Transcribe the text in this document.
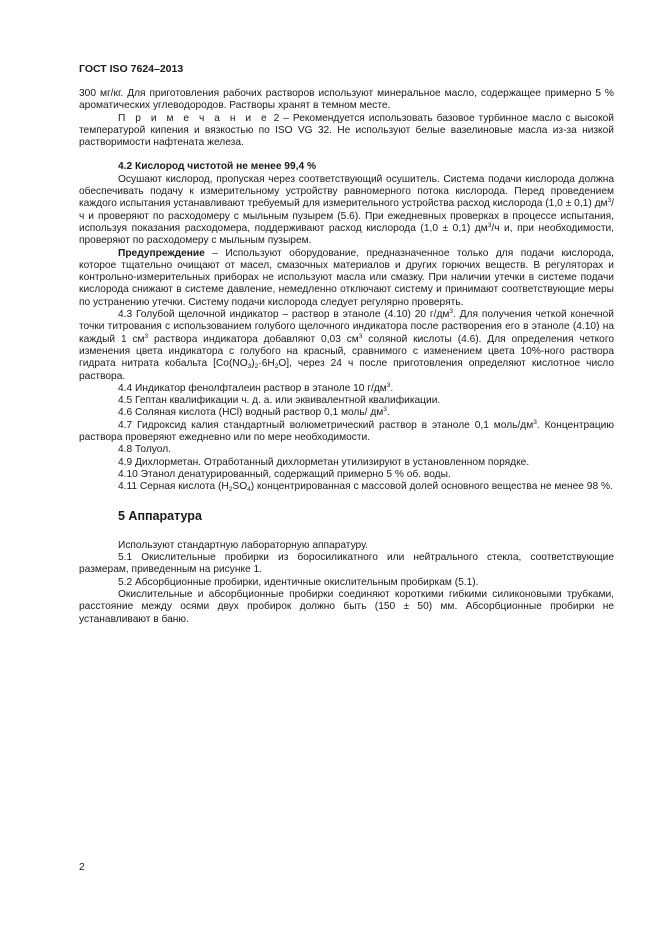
ГОСТ ISO 7624–2013

300 мг/кг. Для приготовления рабочих растворов используют минеральное масло, содержащее примерно 5 % ароматических углеводородов. Растворы хранят в темном месте.

П р и м е ч а н и е 2 – Рекомендуется использовать базовое турбинное масло с высокой температурой кипения и вязкостью по ISO VG 32. Не используют белые вазелиновые масла из-за низкой растворимости нафтената железа.

4.2 Кислород чистотой не менее 99,4 %

Осушают кислород, пропуская через соответствующий осушитель. Система подачи кислорода должна обеспечивать подачу к измерительному устройству равномерного потока кислорода. Перед проведением каждого испытания устанавливают требуемый для измерительного устройства расход кислорода (1,0 ± 0,1) $дм^3/ч$ и проверяют по расходомеру с мыльным пузырем (5.6). При ежедневных проверках в процессе испытания, используя показания расходомера, поддерживают расход кислорода (1,0 ± 0,1) $дм^3/ч$ и, при необходимости, проверяют по расходомеру с мыльным пузырем.

Предупреждение – Используют оборудование, предназначенное только для подачи кислорода, которое тщательно очищают от масел, смазочных материалов и других горючих веществ. В регуляторах и контрольно-измерительных приборах не используют масла или смазку. При наличии утечки в системе подачи кислорода снижают в системе давление, немедленно отключают систему и принимают соответствующие меры по устранению утечки. Систему подачи кислорода следует регулярно проверять.

4.3 Голубой щелочной индикатор – раствор в этаноле (4.10) 20 $г/дм^3$. Для получения четкой конечной точки титрования с использованием голубого щелочного индикатора после растворения его в этаноле (4.10) на каждый 1 $см^3$ раствора индикатора добавляют 0,03 $см^3$ соляной кислоты (4.6). Для определения четкого изменения цвета индикатора с голубого на красный, сравнимого с изменением цвета 10%-ного раствора гидрата нитрата кобальта $[Co(NO_3)_2\cdot 6H_2O]$, через 24 ч после приготовления определяют кислотное число раствора.

4.4 Индикатор фенолфталеин раствор в этаноле 10 $г/дм^3$.

4.5 Гептан квалификации ч. д. а. или эквивалентной квалификации.

4.6 Соляная кислота (HCl) водный раствор 0,1 моль/ $дм^3$.

4.7 Гидроксид калия стандартный волюметрический раствор в этаноле 0,1 моль/$дм^3$. Концентрацию раствора проверяют ежедневно или по мере необходимости.

4.8 Толуол.

4.9 Дихлорметан. Отработанный дихлорметан утилизируют в установленном порядке.

4.10 Этанол денатурированный, содержащий примерно 5 % об. воды.

4.11 Серная кислота $(H_2SO_4)$ концентрированная с массовой долей основного вещества не менее 98 %.

5 Аппаратура

Используют стандартную лабораторную аппаратуру.

5.1 Окислительные пробирки из боросиликатного или нейтрального стекла, соответствующие размерам, приведенным на рисунке 1.

5.2 Абсорбционные пробирки, идентичные окислительным пробиркам (5.1).

Окислительные и абсорбционные пробирки соединяют короткими гибкими силиконовыми трубками, расстояние между осями двух пробирок должно быть (150 ± 50) мм. Абсорбционные пробирки не устанавливают в баню.

2
